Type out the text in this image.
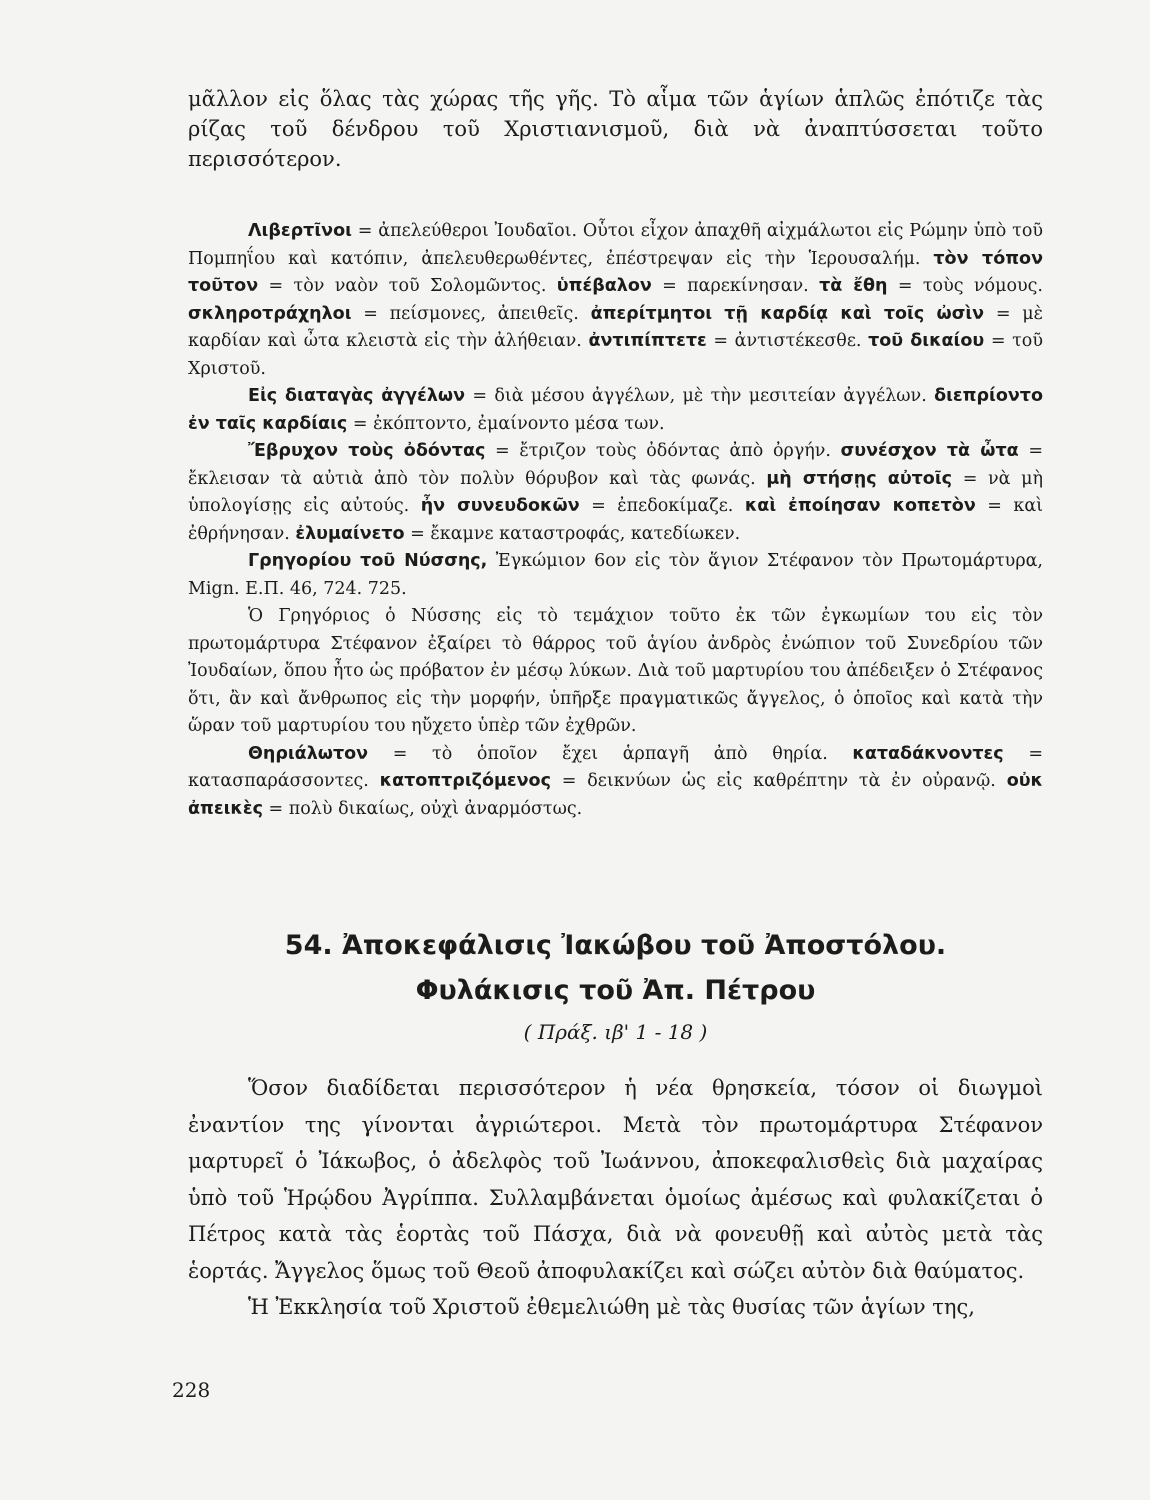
μᾶλλον εἰς ὅλας τὰς χώρας τῆς γῆς. Τὸ αἷμα τῶν ἁγίων ἁπλῶς ἐπότιζε τὰς ρίζας τοῦ δένδρου τοῦ Χριστιανισμοῦ, διὰ νὰ ἀναπτύσσεται τοῦτο περισσότερον.

Λιβερτῖνοι = ἀπελεύθεροι Ἰουδαῖοι. Οὗτοι εἶχον ἀπαχθῆ αἰχμάλωτοι εἰς Ρώμην ὑπὸ τοῦ Πομπηΐου καὶ κατόπιν, ἀπελευθερωθέντες, ἐπέστρεψαν εἰς τὴν Ἱερουσαλήμ. τὸν τόπον τοῦτον = τὸν ναὸν τοῦ Σολομῶντος. ὑπέβαλον = παρεκίνησαν. τὰ ἔθη = τοὺς νόμους. σκληροτράχηλοι = πείσμονες, ἀπειθεῖς. ἀπερίτμητοι τῇ καρδίᾳ καὶ τοῖς ὠσὶν = μὲ καρδίαν καὶ ὦτα κλειστὰ εἰς τὴν ἀλήθειαν. ἀντιπίπτετε = ἀντιστέκεσθε. τοῦ δικαίου = τοῦ Χριστοῦ.

Εἰς διαταγὰς ἀγγέλων = διὰ μέσου ἀγγέλων, μὲ τὴν μεσιτείαν ἀγγέλων. διεπρίοντο ἐν ταῖς καρδίαις = ἐκόπτοντο, ἐμαίνοντο μέσα των.

Ἔβρυχον τοὺς ὀδόντας = ἔτριζον τοὺς ὀδόντας ἀπὸ ὀργήν. συνέσχον τὰ ὦτα = ἔκλεισαν τὰ αὐτιὰ ἀπὸ τὸν πολὺν θόρυβον καὶ τὰς φωνάς. μὴ στήσῃς αὐτοῖς = νὰ μὴ ὑπολογίσῃς εἰς αὐτούς. ἦν συνευδοκῶν = ἐπεδοκίμαζε. καὶ ἐποίησαν κοπετὸν = καὶ ἐθρήνησαν. ἐλυμαίνετο = ἔκαμνε καταστροφάς, κατεδίωκεν.

Γρηγορίου τοῦ Νύσσης, Ἐγκώμιον 6ον εἰς τὸν ἅγιον Στέφανον τὸν Πρωτομάρτυρα, Mign. Ε.Π. 46, 724. 725.

Ὁ Γρηγόριος ὁ Νύσσης εἰς τὸ τεμάχιον τοῦτο ἐκ τῶν ἐγκωμίων του εἰς τὸν πρωτομάρτυρα Στέφανον ἐξαίρει τὸ θάρρος τοῦ ἁγίου ἀνδρὸς ἐνώπιον τοῦ Συνεδρίου τῶν Ἰουδαίων, ὅπου ἦτο ὡς πρόβατον ἐν μέσῳ λύκων. Διὰ τοῦ μαρτυρίου του ἀπέδειξεν ὁ Στέφανος ὅτι, ἂν καὶ ἄνθρωπος εἰς τὴν μορφήν, ὑπῆρξε πραγματικῶς ἄγγελος, ὁ ὁποῖος καὶ κατὰ τὴν ὥραν τοῦ μαρτυρίου του ηὔχετο ὑπὲρ τῶν ἐχθρῶν.

Θηριάλωτον = τὸ ὁποῖον ἔχει ἁρπαγῆ ἀπὸ θηρία. καταδάκνοντες = κατασπαράσσοντες. κατοπτριζόμενος = δεικνύων ὡς εἰς καθρέπτην τὰ ἐν οὐρανῷ. οὐκ ἀπεικὲς = πολὺ δικαίως, οὐχὶ ἀναρμόστως.

54. Ἀποκεφάλισις Ἰακώβου τοῦ Ἀποστόλου.
Φυλάκισις τοῦ Ἀπ. Πέτρου
( Πράξ. ιβ' 1 - 18 )

Ὅσον διαδίδεται περισσότερον ἡ νέα θρησκεία, τόσον οἱ διωγμοὶ ἐναντίον της γίνονται ἀγριώτεροι. Μετὰ τὸν πρωτομάρτυρα Στέφανον μαρτυρεῖ ὁ Ἰάκωβος, ὁ ἀδελφὸς τοῦ Ἰωάννου, ἀποκεφαλισθεὶς διὰ μαχαίρας ὑπὸ τοῦ Ἡρῴδου Ἀγρίππα. Συλλαμβάνεται ὁμοίως ἀμέσως καὶ φυλακίζεται ὁ Πέτρος κατὰ τὰς ἑορτὰς τοῦ Πάσχα, διὰ νὰ φονευθῇ καὶ αὐτὸς μετὰ τὰς ἑορτάς. Ἄγγελος ὅμως τοῦ Θεοῦ ἀποφυλακίζει καὶ σώζει αὐτὸν διὰ θαύματος.

Ἡ Ἐκκλησία τοῦ Χριστοῦ ἐθεμελιώθη μὲ τὰς θυσίας τῶν ἁγίων της,

228
